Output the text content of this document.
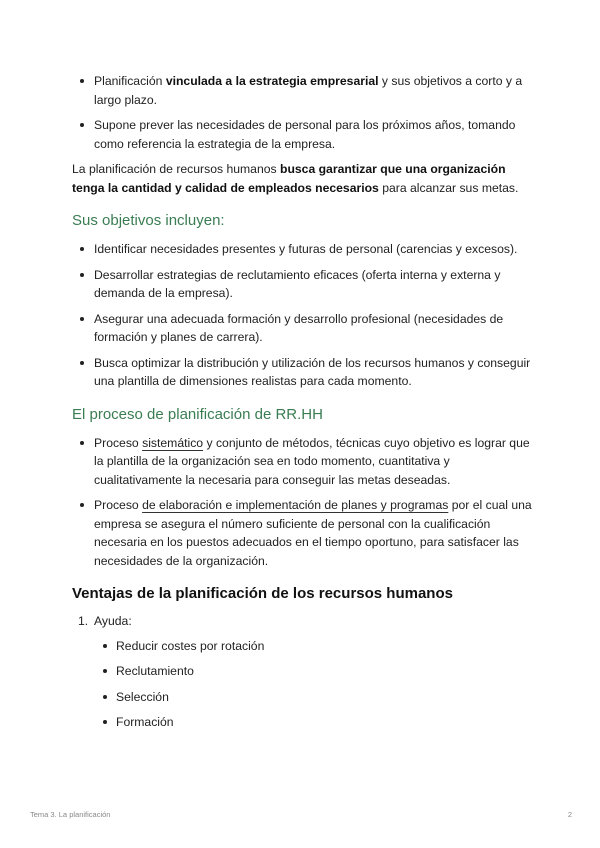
Planificación vinculada a la estrategia empresarial y sus objetivos a corto y a largo plazo.
Supone prever las necesidades de personal para los próximos años, tomando como referencia la estrategia de la empresa.

La planificación de recursos humanos busca garantizar que una organización tenga la cantidad y calidad de empleados necesarios para alcanzar sus metas.

Sus objetivos incluyen:
Identificar necesidades presentes y futuras de personal (carencias y excesos).
Desarrollar estrategias de reclutamiento eficaces (oferta interna y externa y demanda de la empresa).
Asegurar una adecuada formación y desarrollo profesional (necesidades de formación y planes de carrera).
Busca optimizar la distribución y utilización de los recursos humanos y conseguir una plantilla de dimensiones realistas para cada momento.
El proceso de planificación de RR.HH
Proceso sistemático y conjunto de métodos, técnicas cuyo objetivo es lograr que la plantilla de la organización sea en todo momento, cuantitativa y cualitativamente la necesaria para conseguir las metas deseadas.
Proceso de elaboración e implementación de planes y programas por el cual una empresa se asegura el número suficiente de personal con la cualificación necesaria en los puestos adecuados en el tiempo oportuno, para satisfacer las necesidades de la organización.
Ventajas de la planificación de los recursos humanos
1. Ayuda:
Reducir costes por rotación
Reclutamiento
Selección
Formación
Tema 3. La planificación	2
